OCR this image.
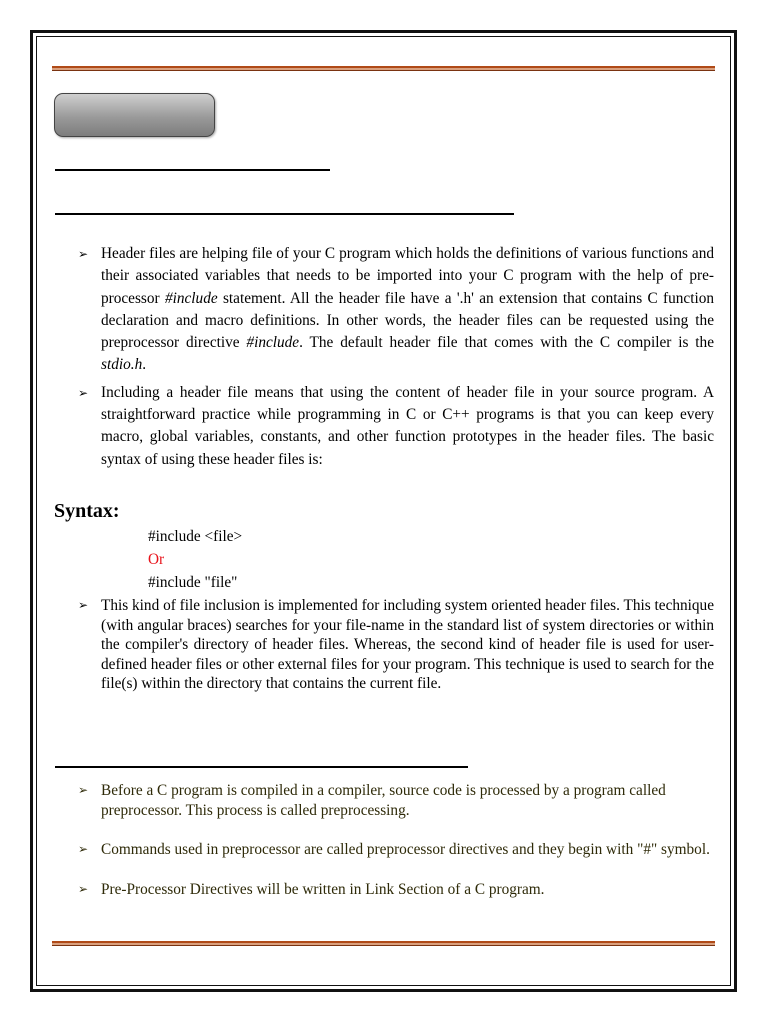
➢ Header files are helping file of your C program which holds the definitions of various functions and their associated variables that needs to be imported into your C program with the help of pre-processor #include statement. All the header file have a '.h' an extension that contains C function declaration and macro definitions. In other words, the header files can be requested using the preprocessor directive #include. The default header file that comes with the C compiler is the stdio.h.
➢ Including a header file means that using the content of header file in your source program. A straightforward practice while programming in C or C++ programs is that you can keep every macro, global variables, constants, and other function prototypes in the header files. The basic syntax of using these header files is:
Syntax:
#include <file>
Or
#include "file"
➢ This kind of file inclusion is implemented for including system oriented header files. This technique (with angular braces) searches for your file-name in the standard list of system directories or within the compiler's directory of header files. Whereas, the second kind of header file is used for user-defined header files or other external files for your program. This technique is used to search for the file(s) within the directory that contains the current file.
➢ Before a C program is compiled in a compiler, source code is processed by a program called preprocessor. This process is called preprocessing.
➢ Commands used in preprocessor are called preprocessor directives and they begin with "#" symbol.
➢ Pre-Processor Directives will be written in Link Section of a C program.
